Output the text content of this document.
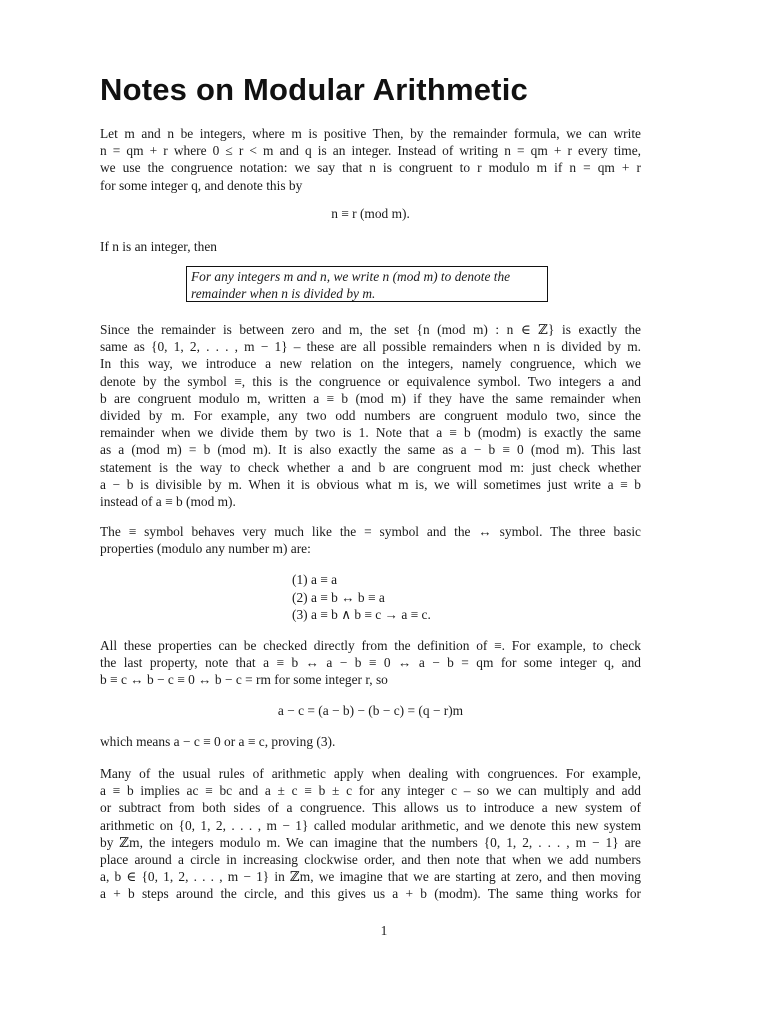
Notes on Modular Arithmetic
Let m and n be integers, where m is positive Then, by the remainder formula, we can write
n = qm + r where 0 ≤ r < m and q is an integer. Instead of writing n = qm + r every time,
we use the congruence notation: we say that n is congruent to r modulo m if n = qm + r
for some integer q, and denote this by
n ≡ r (mod m).
If n is an integer, then
For any integers m and n, we write n (mod m) to denote the
remainder when n is divided by m.
Since the remainder is between zero and m, the set {n (mod m) : n ∈ ℤ} is exactly the
same as {0, 1, 2, . . . , m − 1} – these are all possible remainders when n is divided by m.
In this way, we introduce a new relation on the integers, namely congruence, which we
denote by the symbol ≡, this is the congruence or equivalence symbol. Two integers a and
b are congruent modulo m, written a ≡ b (mod m) if they have the same remainder when
divided by m. For example, any two odd numbers are congruent modulo two, since the
remainder when we divide them by two is 1. Note that a ≡ b (modm) is exactly the same
as a (mod m) = b (mod m). It is also exactly the same as a − b ≡ 0 (mod m). This last
statement is the way to check whether a and b are congruent mod m: just check whether
a − b is divisible by m. When it is obvious what m is, we will sometimes just write a ≡ b
instead of a ≡ b (mod m).
The ≡ symbol behaves very much like the = symbol and the ↔ symbol. The three basic
properties (modulo any number m) are:
(1) a ≡ a
(2) a ≡ b ↔ b ≡ a
(3) a ≡ b ∧ b ≡ c → a ≡ c.
All these properties can be checked directly from the definition of ≡. For example, to check
the last property, note that a ≡ b ↔ a − b ≡ 0 ↔ a − b = qm for some integer q, and
b ≡ c ↔ b − c ≡ 0 ↔ b − c = rm for some integer r, so
a − c = (a − b) − (b − c) = (q − r)m
which means a − c ≡ 0 or a ≡ c, proving (3).
Many of the usual rules of arithmetic apply when dealing with congruences. For example,
a ≡ b implies ac ≡ bc and a ± c ≡ b ± c for any integer c – so we can multiply and add
or subtract from both sides of a congruence. This allows us to introduce a new system of
arithmetic on {0, 1, 2, . . . , m − 1} called modular arithmetic, and we denote this new system
by ℤm, the integers modulo m. We can imagine that the numbers {0, 1, 2, . . . , m − 1} are
place around a circle in increasing clockwise order, and then note that when we add numbers
a, b ∈ {0, 1, 2, . . . , m − 1} in ℤm, we imagine that we are starting at zero, and then moving
a + b steps around the circle, and this gives us a + b (modm). The same thing works for
1
